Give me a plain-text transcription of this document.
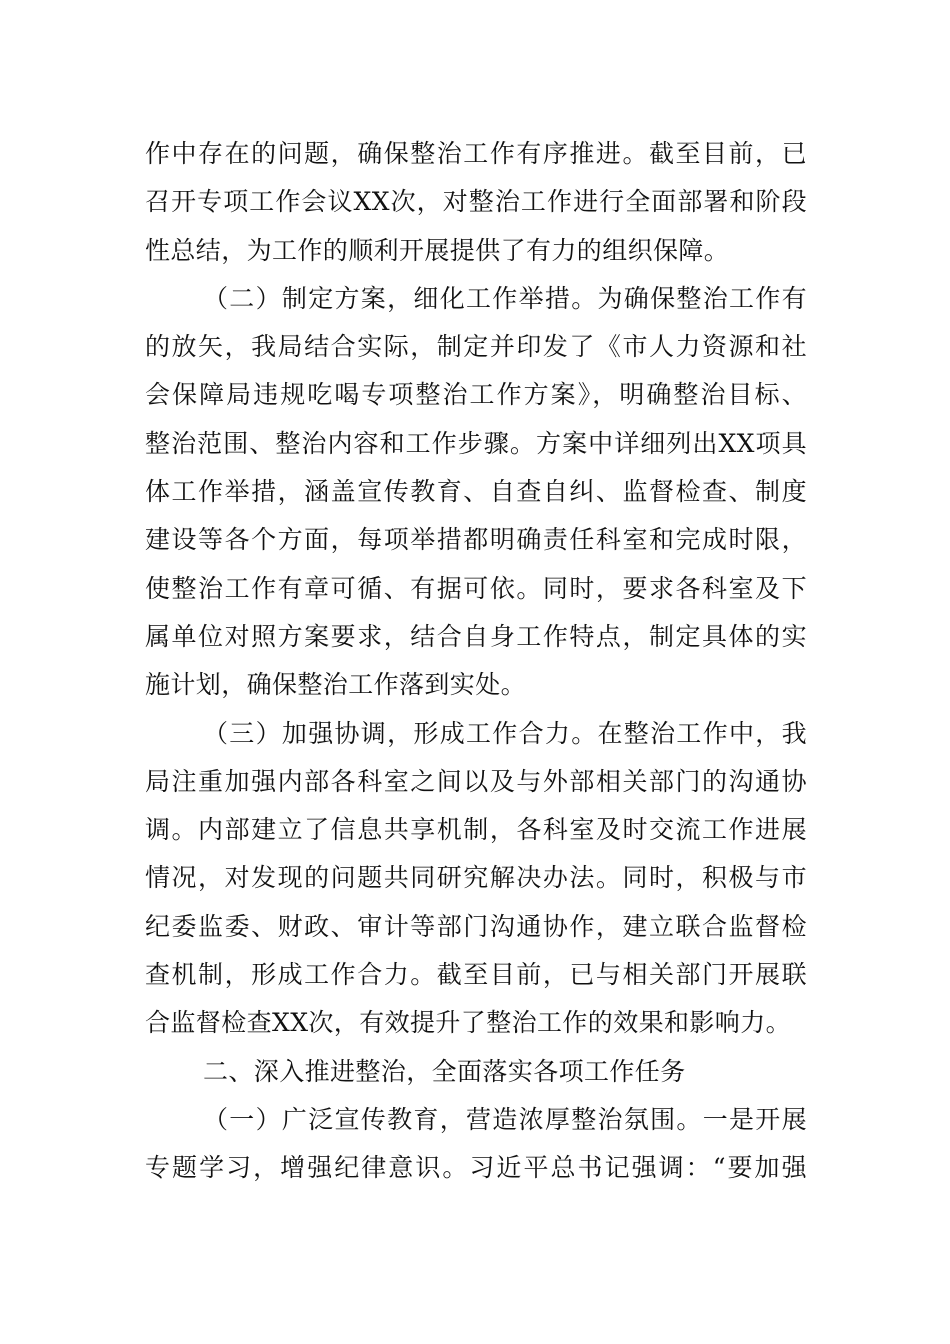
作中存在的问题，确保整治工作有序推进。截至目前，已
召开专项工作会议XX次，对整治工作进行全面部署和阶段
性总结，为工作的顺利开展提供了有力的组织保障。
（二）制定方案，细化工作举措。为确保整治工作有
的放矢，我局结合实际，制定并印发了《市人力资源和社
会保障局违规吃喝专项整治工作方案》，明确整治目标、
整治范围、整治内容和工作步骤。方案中详细列出XX项具
体工作举措，涵盖宣传教育、自查自纠、监督检查、制度
建设等各个方面，每项举措都明确责任科室和完成时限，
使整治工作有章可循、有据可依。同时，要求各科室及下
属单位对照方案要求，结合自身工作特点，制定具体的实
施计划，确保整治工作落到实处。
（三）加强协调，形成工作合力。在整治工作中，我
局注重加强内部各科室之间以及与外部相关部门的沟通协
调。内部建立了信息共享机制，各科室及时交流工作进展
情况，对发现的问题共同研究解决办法。同时，积极与市
纪委监委、财政、审计等部门沟通协作，建立联合监督检
查机制，形成工作合力。截至目前，已与相关部门开展联
合监督检查XX次，有效提升了整治工作的效果和影响力。
二、深入推进整治，全面落实各项工作任务
（一）广泛宣传教育，营造浓厚整治氛围。一是开展
专题学习，增强纪律意识。习近平总书记强调：“要加强
